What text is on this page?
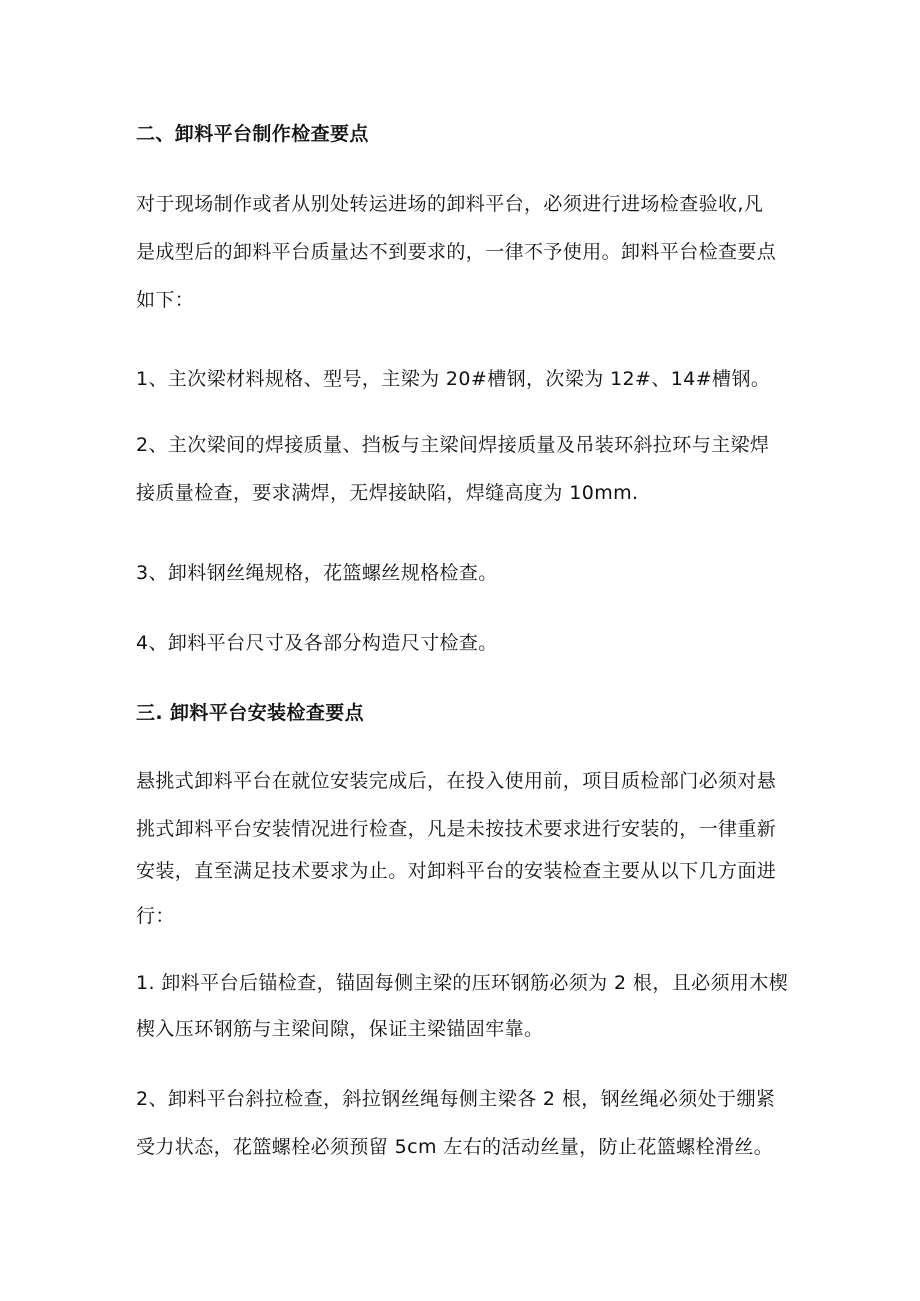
二、卸料平台制作检查要点
对于现场制作或者从别处转运进场的卸料平台，必须进行进场检查验收,凡
是成型后的卸料平台质量达不到要求的，一律不予使用。卸料平台检查要点
如下：
1、主次梁材料规格、型号，主梁为 20#槽钢，次梁为 12#、14#槽钢。
2、主次梁间的焊接质量、挡板与主梁间焊接质量及吊装环斜拉环与主梁焊
接质量检查，要求满焊，无焊接缺陷，焊缝高度为 10mm.
3、卸料钢丝绳规格，花篮螺丝规格检查。
4、卸料平台尺寸及各部分构造尺寸检查。
三. 卸料平台安装检查要点
悬挑式卸料平台在就位安装完成后，在投入使用前，项目质检部门必须对悬
挑式卸料平台安装情况进行检查，凡是未按技术要求进行安装的，一律重新
安装，直至满足技术要求为止。对卸料平台的安装检查主要从以下几方面进
行：
1. 卸料平台后锚检查，锚固每侧主梁的压环钢筋必须为 2 根，且必须用木楔
楔入压环钢筋与主梁间隙，保证主梁锚固牢靠。
2、卸料平台斜拉检查，斜拉钢丝绳每侧主梁各 2 根，钢丝绳必须处于绷紧
受力状态，花篮螺栓必须预留 5cm 左右的活动丝量，防止花篮螺栓滑丝。
